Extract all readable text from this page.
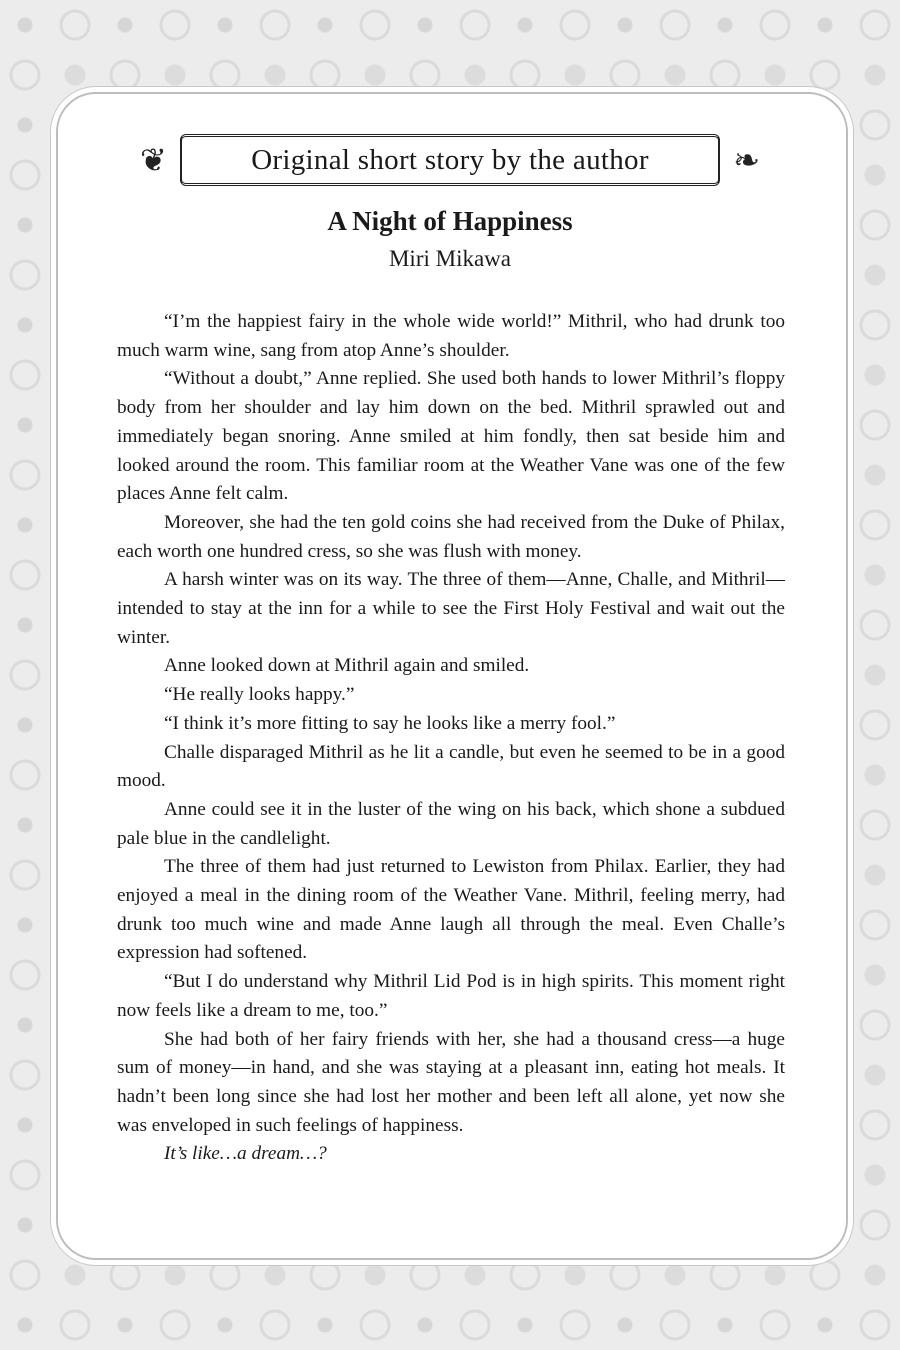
❦	Original short story by the author	❧
A Night of Happiness
Miri Mikawa

“I’m the happiest fairy in the whole wide world!” Mithril, who had drunk too much warm wine, sang from atop Anne’s shoulder.

“Without a doubt,” Anne replied. She used both hands to lower Mithril’s floppy body from her shoulder and lay him down on the bed. Mithril sprawled out and immediately began snoring. Anne smiled at him fondly, then sat beside him and looked around the room. This familiar room at the Weather Vane was one of the few places Anne felt calm.

Moreover, she had the ten gold coins she had received from the Duke of Philax, each worth one hundred cress, so she was flush with money.

A harsh winter was on its way. The three of them—Anne, Challe, and Mithril—intended to stay at the inn for a while to see the First Holy Festival and wait out the winter.

Anne looked down at Mithril again and smiled.

“He really looks happy.”

“I think it’s more fitting to say he looks like a merry fool.”

Challe disparaged Mithril as he lit a candle, but even he seemed to be in a good mood.

Anne could see it in the luster of the wing on his back, which shone a subdued pale blue in the candlelight.

The three of them had just returned to Lewiston from Philax. Earlier, they had enjoyed a meal in the dining room of the Weather Vane. Mithril, feeling merry, had drunk too much wine and made Anne laugh all through the meal. Even Challe’s expression had softened.

“But I do understand why Mithril Lid Pod is in high spirits. This moment right now feels like a dream to me, too.”

She had both of her fairy friends with her, she had a thousand cress—a huge sum of money—in hand, and she was staying at a pleasant inn, eating hot meals. It hadn’t been long since she had lost her mother and been left all alone, yet now she was enveloped in such feelings of happiness.

It’s like…a dream…?
